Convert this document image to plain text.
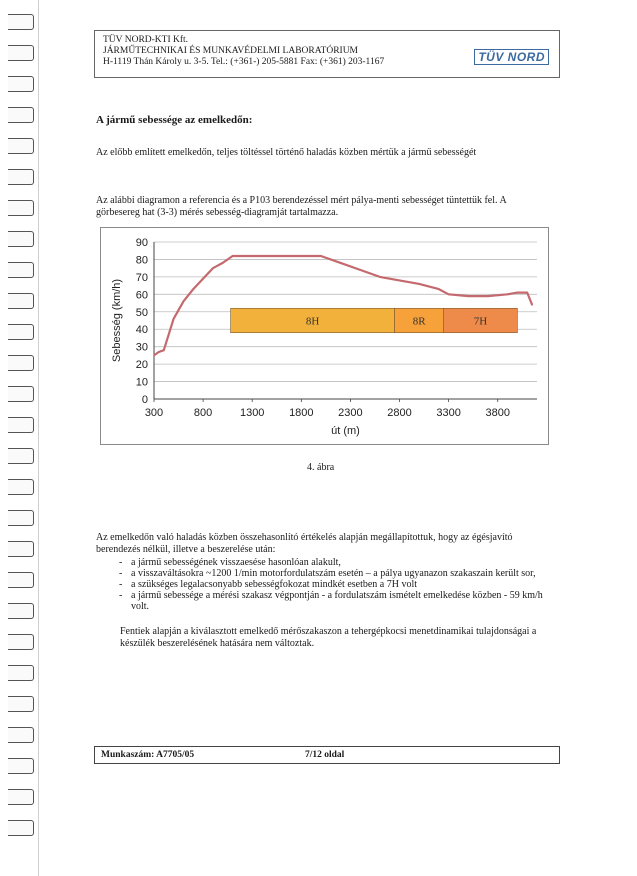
TÜV NORD-KTI Kft.
JÁRMŰTECHNIKAI ÉS MUNKAVÉDELMI LABORATÓRIUM
H-1119 Thán Károly u. 3-5. Tel.: (+361-) 205-5881 Fax: (+361) 203-1167	TÜV NORD
A jármű sebessége az emelkedőn:
Az előbb említett emelkedőn, teljes töltéssel történő haladás közben mértük a jármű sebességét
Az alábbi diagramon a referencia és a P103 berendezéssel mért pálya-menti sebességet tüntettük fel. A görbesereg hat (3-3) mérés sebesség-diagramját tartalmazza.
0
10
20
30
40
50
60
70
80
90
300	800	1300 1800 2300 2800 3300 3800
út (m)
Sebesség (km/h)	8H	8R	7H
4. ábra
Az emelkedőn való haladás közben összehasonlító értékelés alapján megállapítottuk, hogy az égésjavító berendezés nélkül, illetve a beszerelése után:
- a jármű sebességének visszaesése hasonlóan alakult,
- a visszaváltásokra ~1200 1/min motorfordulatszám esetén – a pálya ugyanazon szakaszain került sor,
- a szükséges legalacsonyabb sebességfokozat mindkét esetben a 7H volt
- a jármű sebessége a mérési szakasz végpontján - a fordulatszám ismételt emelkedése közben - 59 km/h volt.
Fentiek alapján a kiválasztott emelkedő mérőszakaszon a tehergépkocsi menetdinamikai tulajdonságai a készülék beszerelésének hatására nem változtak.
Munkaszám: A7705/05	7/12 oldal
